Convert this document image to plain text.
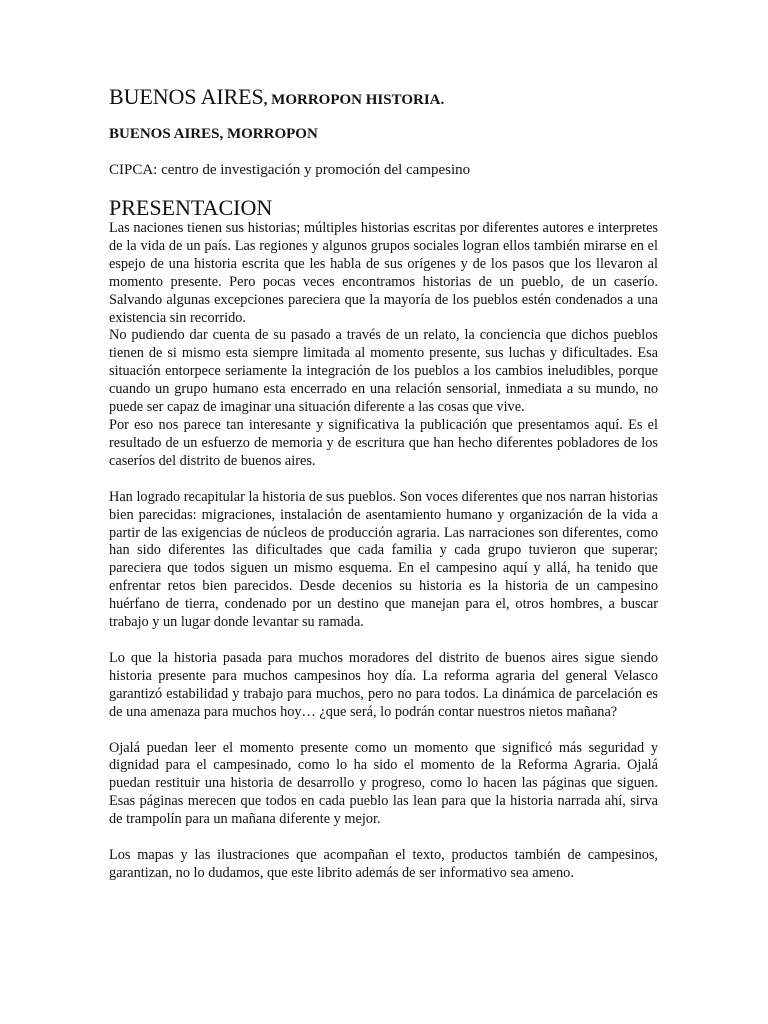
BUENOS AIRES, MORROPON HISTORIA.
BUENOS AIRES, MORROPON
CIPCA: centro de investigación y promoción del campesino
PRESENTACION

Las naciones tienen sus historias; múltiples historias escritas por diferentes autores e interpretes de la vida de un país. Las regiones y algunos grupos sociales logran ellos también mirarse en el espejo de una historia escrita que les habla de sus orígenes y de los pasos que los llevaron al momento presente. Pero pocas veces encontramos historias de un pueblo, de un caserío. Salvando algunas excepciones pareciera que la mayoría de los pueblos estén condenados a una existencia sin recorrido.

No pudiendo dar cuenta de su pasado a través de un relato, la conciencia que dichos pueblos tienen de si mismo esta siempre limitada al momento presente, sus luchas y dificultades. Esa situación entorpece seriamente la integración de los pueblos a los cambios ineludibles, porque cuando un grupo humano esta encerrado en una relación sensorial, inmediata a su mundo, no puede ser capaz de imaginar una situación diferente a las cosas que vive.

Por eso nos parece tan interesante y significativa la publicación que presentamos aquí. Es el resultado de un esfuerzo de memoria y de escritura que han hecho diferentes pobladores de los caseríos del distrito de buenos aires.

Han logrado recapitular la historia de sus pueblos. Son voces diferentes que nos narran historias bien parecidas: migraciones, instalación de asentamiento humano y organización de la vida a partir de las exigencias de núcleos de producción agraria. Las narraciones son diferentes, como han sido diferentes las dificultades que cada familia y cada grupo tuvieron que superar; pareciera que todos siguen un mismo esquema. En el campesino aquí y allá, ha tenido que enfrentar retos bien parecidos. Desde decenios su historia es la historia de un campesino huérfano de tierra, condenado por un destino que manejan para el, otros hombres, a buscar trabajo y un lugar donde levantar su ramada.

Lo que la historia pasada para muchos moradores del distrito de buenos aires sigue siendo historia presente para muchos campesinos hoy día. La reforma agraria del general Velasco garantizó estabilidad y trabajo para muchos, pero no para todos. La dinámica de parcelación es de una amenaza para muchos hoy… ¿que será, lo podrán contar nuestros nietos mañana?

Ojalá puedan leer el momento presente como un momento que significó más seguridad y dignidad para el campesinado, como lo ha sido el momento de la Reforma Agraria. Ojalá puedan restituir una historia de desarrollo y progreso, como lo hacen las páginas que siguen. Esas páginas merecen que todos en cada pueblo las lean para que la historia narrada ahí, sirva de trampolín para un mañana diferente y mejor.

Los mapas y las ilustraciones que acompañan el texto, productos también de campesinos, garantizan, no lo dudamos, que este librito además de ser informativo sea ameno.
